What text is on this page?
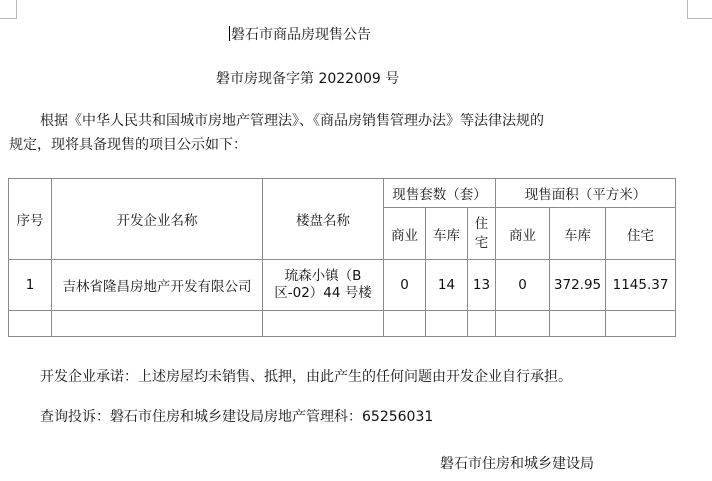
磐石市商品房现售公告
磐市房现备字第 2022009 号
根据《中华人民共和国城市房地产管理法》、《商品房销售管理办法》等法律法规的
规定，现将具备现售的项目公示如下：
序号	开发企业名称	楼盘名称	现售套数（套）			现售面积（平方米）		
			商业	车库	住宅	商业	车库	住宅
1	吉林省隆昌房地产开发有限公司	琉森小镇（B 区-02）44 号楼	0	14	13	0	372.95	1145.37

开发企业承诺：上述房屋均未销售、抵押，由此产生的任何问题由开发企业自行承担。
查询投诉：磐石市住房和城乡建设局房地产管理科：65256031
磐石市住房和城乡建设局
